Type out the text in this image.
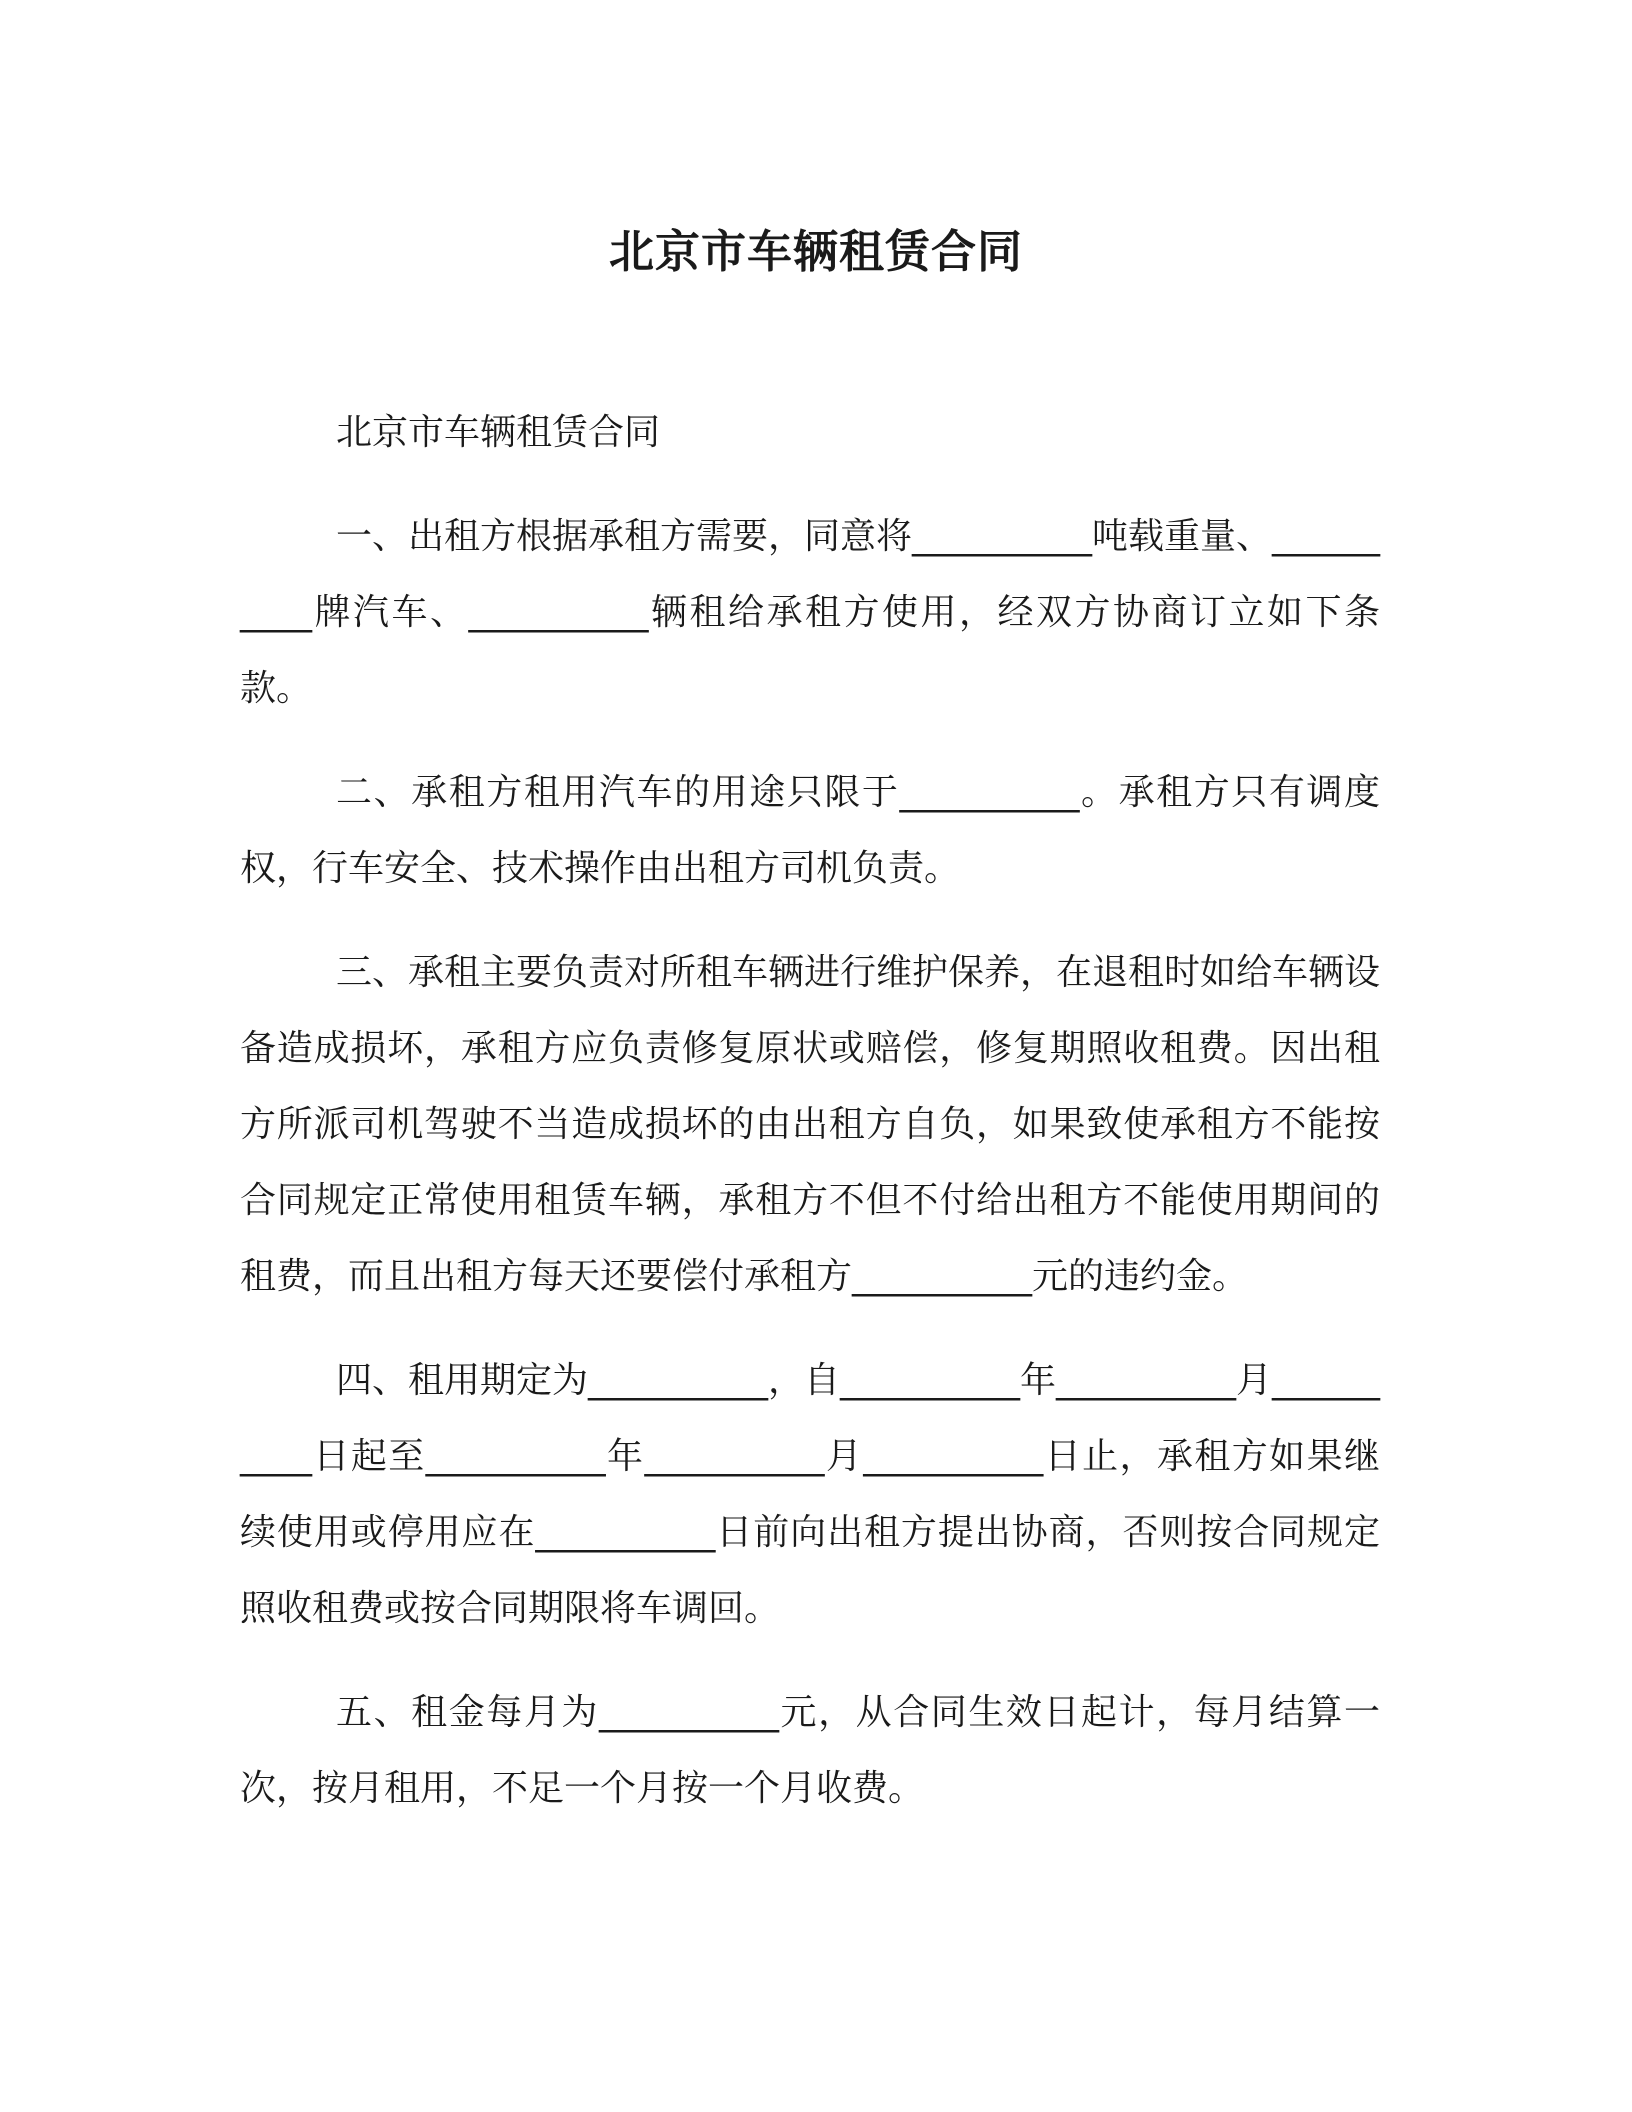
北京市车辆租赁合同

北京市车辆租赁合同

一、出租方根据承租方需要，同意将__________吨载重量、__________牌汽车、__________辆租给承租方使用，经双方协商订立如下条款。

二、承租方租用汽车的用途只限于__________。承租方只有调度权，行车安全、技术操作由出租方司机负责。

三、承租主要负责对所租车辆进行维护保养，在退租时如给车辆设备造成损坏，承租方应负责修复原状或赔偿，修复期照收租费。因出租方所派司机驾驶不当造成损坏的由出租方自负，如果致使承租方不能按合同规定正常使用租赁车辆，承租方不但不付给出租方不能使用期间的租费，而且出租方每天还要偿付承租方__________元的违约金。

四、租用期定为__________，自__________年__________月__________日起至__________年__________月__________日止，承租方如果继续使用或停用应在__________日前向出租方提出协商，否则按合同规定照收租费或按合同期限将车调回。

五、租金每月为__________元，从合同生效日起计，每月结算一次，按月租用，不足一个月按一个月收费。
